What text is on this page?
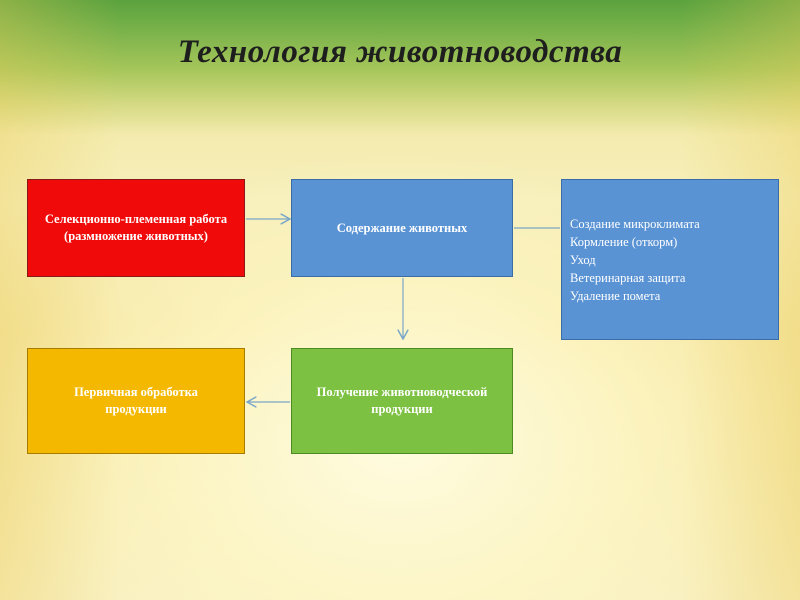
Технология животноводства
Селекционно-племенная работа (размножение животных)
Содержание животных	Создание микроклимата
Кормление (откорм)
Уход
Ветеринарная защита
Удаление помета
Получение животноводческой продукции
Первичная обработка продукции
